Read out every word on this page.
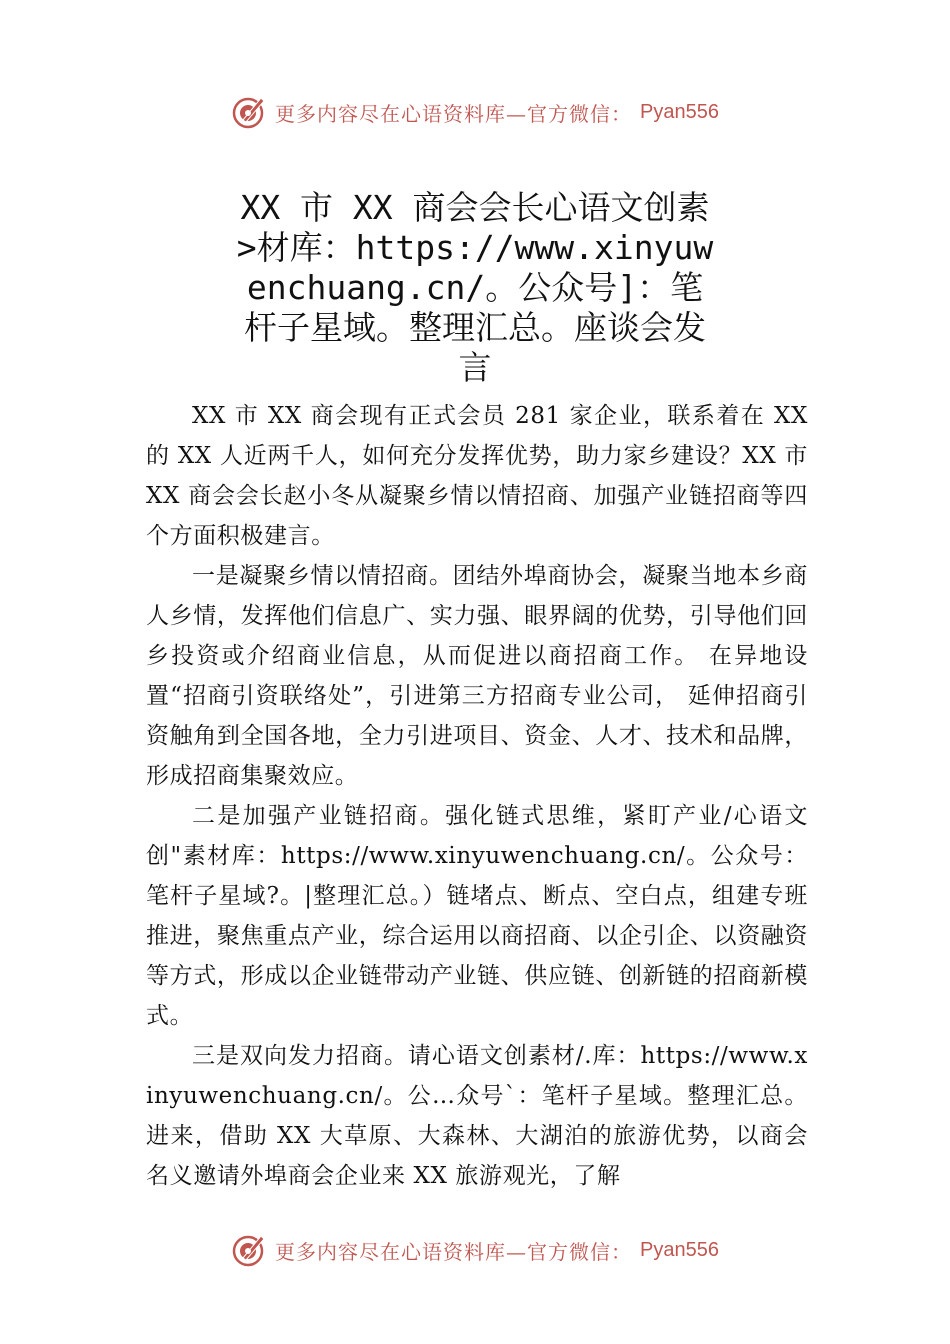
更多内容尽在心语资料库—官方微信： Pyan556
XX 市 XX 商会会长心语文创素>材库：https://www.xinyuwenchuang.cn/。公众号]：笔杆子星域。整理汇总。座谈会发言

XX 市 XX 商会现有正式会员 281 家企业，联系着在 XX 的 XX 人近两千人，如何充分发挥优势，助力家乡建设？XX 市 XX 商会会长赵小冬从凝聚乡情以情招商、加强产业链招商等四个方面积极建言。

一是凝聚乡情以情招商。团结外埠商协会，凝聚当地本乡商人乡情，发挥他们信息广、实力强、眼界阔的优势，引导他们回乡投资或介绍商业信息，从而促进以商招商工作。 在异地设置“招商引资联络处”，引进第三方招商专业公司， 延伸招商引资触角到全国各地，全力引进项目、资金、人才、技术和品牌，形成招商集聚效应。

二是加强产业链招商。强化链式思维，紧盯产业/心语文创"素材库：https://www.xinyuwenchuang.cn/。公众号：笔杆子星域?。|整理汇总。）链堵点、断点、空白点，组建专班推进，聚焦重点产业，综合运用以商招商、以企引企、以资融资等方式，形成以企业链带动产业链、供应链、创新链的招商新模式。

三是双向发力招商。请心语文创素材/.库：https://www.xinyuwenchuang.cn/。公…众号`：笔杆子星域。整理汇总。进来，借助 XX 大草原、大森林、大湖泊的旅游优势，以商会名义邀请外埠商会企业来 XX 旅游观光，了解

更多内容尽在心语资料库—官方微信： Pyan556
